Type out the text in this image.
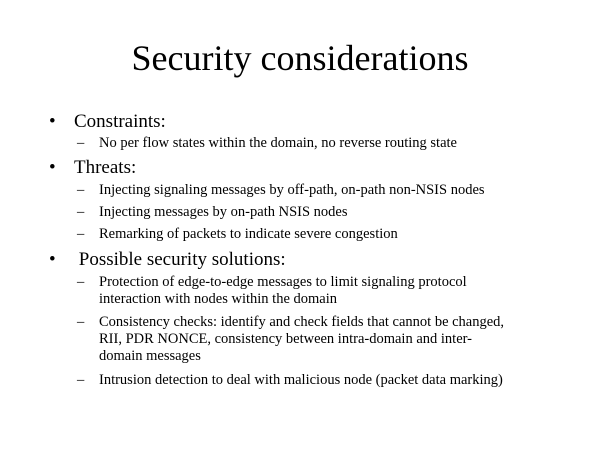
Security considerations
• Constraints:
– No per flow states within the domain, no reverse routing state
• Threats:
– Injecting signaling messages by off-path, on-path non-NSIS nodes
– Injecting messages by on-path NSIS nodes
– Remarking of packets to indicate severe congestion
• Possible security solutions:
– Protection of edge-to-edge messages to limit signaling protocol interaction with nodes within the domain
– Consistency checks: identify and check fields that cannot be changed, RII, PDR NONCE, consistency between intra-domain and inter-domain messages
– Intrusion detection to deal with malicious node (packet data marking)
